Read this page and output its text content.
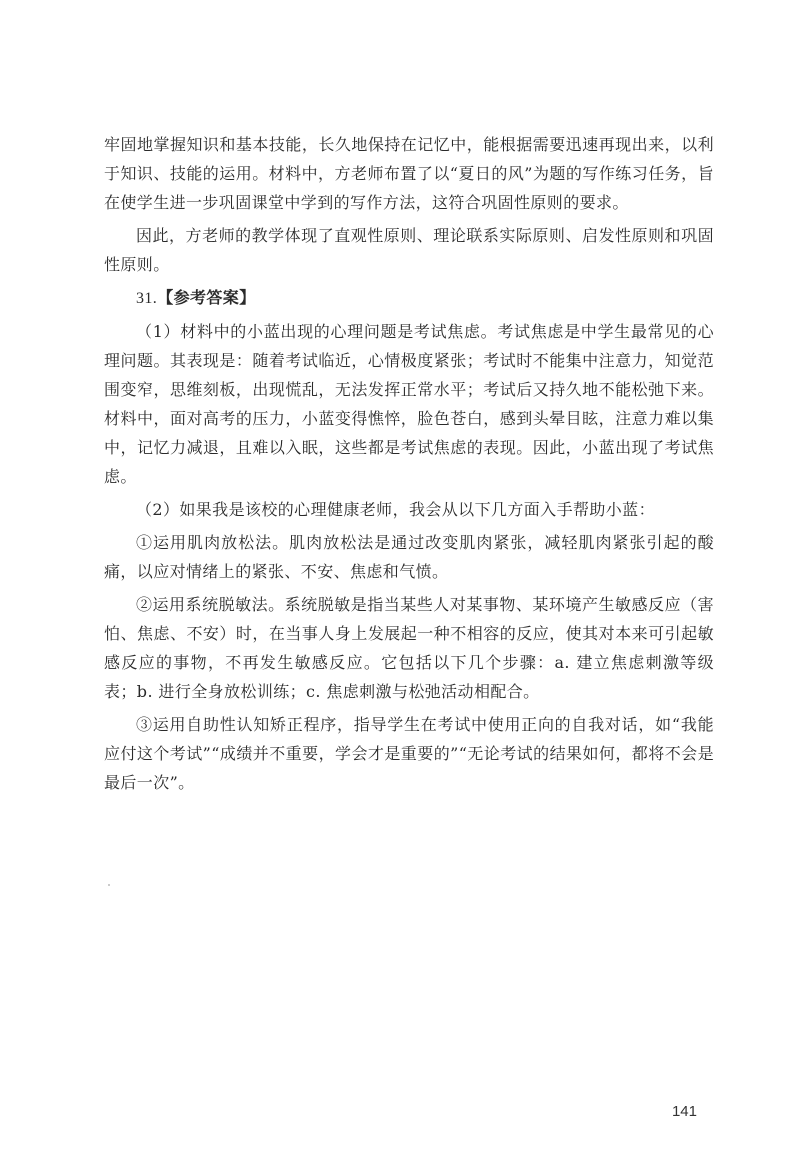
牢固地掌握知识和基本技能，长久地保持在记忆中，能根据需要迅速再现出来，以利于知识、技能的运用。材料中，方老师布置了以“夏日的风”为题的写作练习任务，旨在使学生进一步巩固课堂中学到的写作方法，这符合巩固性原则的要求。

因此，方老师的教学体现了直观性原则、理论联系实际原则、启发性原则和巩固性原则。

31.【参考答案】

（1）材料中的小蓝出现的心理问题是考试焦虑。考试焦虑是中学生最常见的心理问题。其表现是：随着考试临近，心情极度紧张；考试时不能集中注意力，知觉范围变窄，思维刻板，出现慌乱，无法发挥正常水平；考试后又持久地不能松弛下来。材料中，面对高考的压力，小蓝变得憔悴，脸色苍白，感到头晕目眩，注意力难以集中，记忆力减退，且难以入眠，这些都是考试焦虑的表现。因此，小蓝出现了考试焦虑。

（2）如果我是该校的心理健康老师，我会从以下几方面入手帮助小蓝：

①运用肌肉放松法。肌肉放松法是通过改变肌肉紧张，减轻肌肉紧张引起的酸痛，以应对情绪上的紧张、不安、焦虑和气愤。

②运用系统脱敏法。系统脱敏是指当某些人对某事物、某环境产生敏感反应（害怕、焦虑、不安）时，在当事人身上发展起一种不相容的反应，使其对本来可引起敏感反应的事物，不再发生敏感反应。它包括以下几个步骤：a. 建立焦虑刺激等级表；b. 进行全身放松训练；c. 焦虑刺激与松弛活动相配合。

③运用自助性认知矫正程序，指导学生在考试中使用正向的自我对话，如“我能应付这个考试”“成绩并不重要，学会才是重要的”“无论考试的结果如何，都将不会是最后一次”。

141
